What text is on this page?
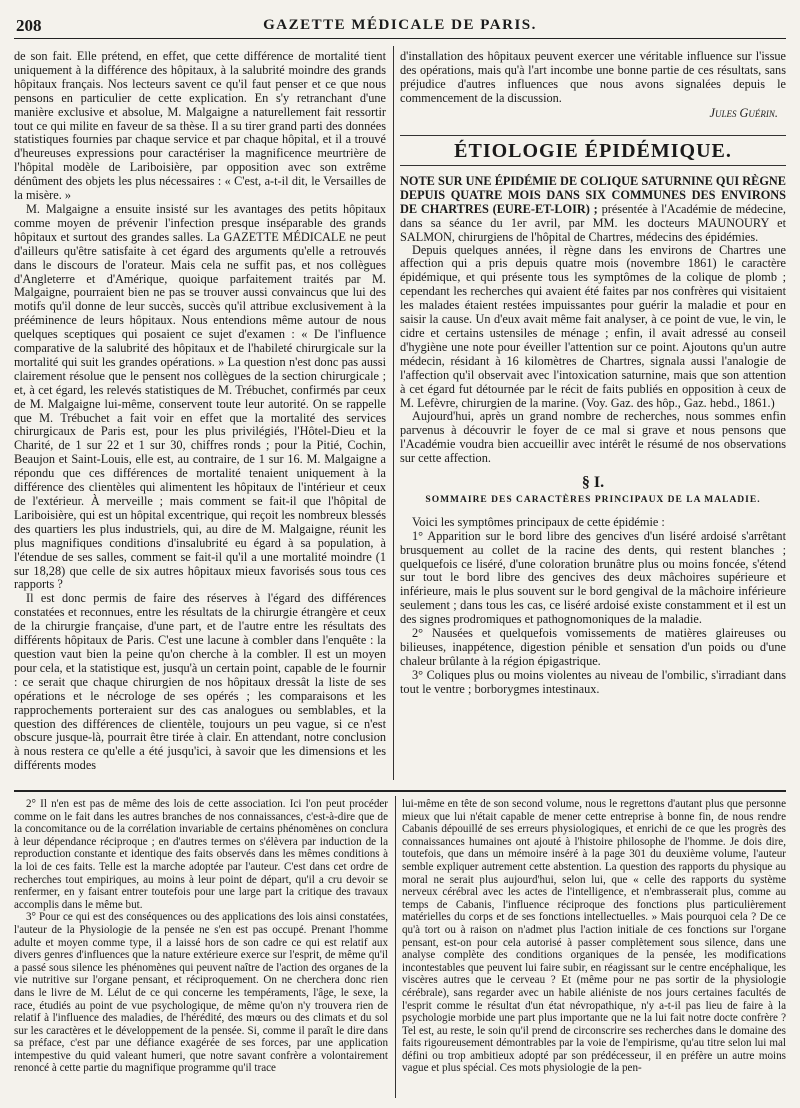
208	GAZETTE MÉDICALE DE PARIS.

de son fait. Elle prétend, en effet, que cette différence de mortalité tient uniquement à la différence des hôpitaux, à la salubrité moindre des grands hôpitaux français. Nos lecteurs savent ce qu'il faut penser et ce que nous pensons en particulier de cette explication. En s'y retranchant d'une manière exclusive et absolue, M. Malgaigne a naturellement fait ressortir tout ce qui milite en faveur de sa thèse. Il a su tirer grand parti des données statistiques fournies par chaque service et par chaque hôpital, et il a trouvé d'heureuses expressions pour caractériser la magnificence meurtrière de l'hôpital modèle de Lariboisière, par opposition avec son extrême dénûment des objets les plus nécessaires : « C'est, a-t-il dit, le Versailles de la misère. »

M. Malgaigne a ensuite insisté sur les avantages des petits hôpitaux comme moyen de prévenir l'infection presque inséparable des grands hôpitaux et surtout des grandes salles. La GAZETTE MÉDICALE ne peut d'ailleurs qu'être satisfaite à cet égard des arguments qu'elle a retrouvés dans le discours de l'orateur. Mais cela ne suffit pas, et nos collègues d'Angleterre et d'Amérique, quoique parfaitement traités par M. Malgaigne, pourraient bien ne pas se trouver aussi convaincus que lui des motifs qu'il donne de leur succès, succès qu'il attribue exclusivement à la prééminence de leurs hôpitaux. Nous entendions même autour de nous quelques sceptiques qui posaient ce sujet d'examen : « De l'influence comparative de la salubrité des hôpitaux et de l'habileté chirurgicale sur la mortalité qui suit les grandes opérations. » La question n'est donc pas aussi clairement résolue que le pensent nos collègues de la section chirurgicale ; et, à cet égard, les relevés statistiques de M. Trébuchet, confirmés par ceux de M. Malgaigne lui-même, conservent toute leur autorité. On se rappelle que M. Trébuchet a fait voir en effet que la mortalité des services chirurgicaux de Paris est, pour les plus privilégiés, l'Hôtel-Dieu et la Charité, de 1 sur 22 et 1 sur 30, chiffres ronds ; pour la Pitié, Cochin, Beaujon et Saint-Louis, elle est, au contraire, de 1 sur 16. M. Malgaigne a répondu que ces différences de mortalité tenaient uniquement à la différence des clientèles qui alimentent les hôpitaux de l'intérieur et ceux de l'extérieur. À merveille ; mais comment se fait-il que l'hôpital de Lariboisière, qui est un hôpital excentrique, qui reçoit les nombreux blessés des quartiers les plus industriels, qui, au dire de M. Malgaigne, réunit les plus magnifiques conditions d'insalubrité eu égard à sa population, à l'étendue de ses salles, comment se fait-il qu'il a une mortalité moindre (1 sur 18,28) que celle de six autres hôpitaux mieux favorisés sous tous ces rapports ?

Il est donc permis de faire des réserves à l'égard des différences constatées et reconnues, entre les résultats de la chirurgie étrangère et ceux de la chirurgie française, d'une part, et de l'autre entre les résultats des différents hôpitaux de Paris. C'est une lacune à combler dans l'enquête : la question vaut bien la peine qu'on cherche à la combler. Il est un moyen pour cela, et la statistique est, jusqu'à un certain point, capable de le fournir : ce serait que chaque chirurgien de nos hôpitaux dressât la liste de ses opérations et le nécrologe de ses opérés ; les comparaisons et les rapprochements porteraient sur des cas analogues ou semblables, et la question des différences de clientèle, toujours un peu vague, si ce n'est obscure jusque-là, pourrait être tirée à clair. En attendant, notre conclusion à nous restera ce qu'elle a été jusqu'ici, à savoir que les dimensions et les différents modes

d'installation des hôpitaux peuvent exercer une véritable influence sur l'issue des opérations, mais qu'à l'art incombe une bonne partie de ces résultats, sans préjudice d'autres influences que nous avons signalées depuis le commencement de la discussion.

Jules Guérin.
ÉTIOLOGIE ÉPIDÉMIQUE.

NOTE SUR UNE ÉPIDÉMIE DE COLIQUE SATURNINE QUI RÈGNE DEPUIS QUATRE MOIS DANS SIX COMMUNES DES ENVIRONS DE CHARTRES (EURE-ET-LOIR) ; présentée à l'Académie de médecine, dans sa séance du 1er avril, par MM. les docteurs MAUNOURY et SALMON, chirurgiens de l'hôpital de Chartres, médecins des épidémies.

Depuis quelques années, il règne dans les environs de Chartres une affection qui a pris depuis quatre mois (novembre 1861) le caractère épidémique, et qui présente tous les symptômes de la colique de plomb ; cependant les recherches qui avaient été faites par nos confrères qui visitaient les malades étaient restées impuissantes pour guérir la maladie et pour en saisir la cause. Un d'eux avait même fait analyser, à ce point de vue, le vin, le cidre et certains ustensiles de ménage ; enfin, il avait adressé au conseil d'hygiène une note pour éveiller l'attention sur ce point. Ajoutons qu'un autre médecin, résidant à 16 kilomètres de Chartres, signala aussi l'analogie de l'affection qu'il observait avec l'intoxication saturnine, mais que son attention à cet égard fut détournée par le récit de faits publiés en opposition à ceux de M. Lefèvre, chirurgien de la marine. (Voy. Gaz. des hôp., Gaz. hebd., 1861.)

Aujourd'hui, après un grand nombre de recherches, nous sommes enfin parvenus à découvrir le foyer de ce mal si grave et nous pensons que l'Académie voudra bien accueillir avec intérêt le résumé de nos observations sur cette affection.

§ I.
SOMMAIRE DES CARACTÈRES PRINCIPAUX DE LA MALADIE.

Voici les symptômes principaux de cette épidémie :

1° Apparition sur le bord libre des gencives d'un liséré ardoisé s'arrêtant brusquement au collet de la racine des dents, qui restent blanches ; quelquefois ce liséré, d'une coloration brunâtre plus ou moins foncée, s'étend sur tout le bord libre des gencives des deux mâchoires supérieure et inférieure, mais le plus souvent sur le bord gengival de la mâchoire inférieure seulement ; dans tous les cas, ce liséré ardoisé existe constamment et il est un des signes prodromiques et pathognomoniques de la maladie.

2° Nausées et quelquefois vomissements de matières glaireuses ou bilieuses, inappétence, digestion pénible et sensation d'un poids ou d'une chaleur brûlante à la région épigastrique.

3° Coliques plus ou moins violentes au niveau de l'ombilic, s'irradiant dans tout le ventre ; borborygmes intestinaux.

2° Il n'en est pas de même des lois de cette association. Ici l'on peut procéder comme on le fait dans les autres branches de nos connaissances, c'est-à-dire que de la concomitance ou de la corrélation invariable de certains phénomènes on conclura à leur dépendance réciproque ; en d'autres termes on s'élèvera par induction de la reproduction constante et identique des faits observés dans les mêmes conditions à la loi de ces faits. Telle est la marche adoptée par l'auteur. C'est dans cet ordre de recherches tout empiriques, au moins à leur point de départ, qu'il a cru devoir se renfermer, en y faisant entrer toutefois pour une large part la critique des travaux accomplis dans le même but.

3° Pour ce qui est des conséquences ou des applications des lois ainsi constatées, l'auteur de la Physiologie de la pensée ne s'en est pas occupé. Prenant l'homme adulte et moyen comme type, il a laissé hors de son cadre ce qui est relatif aux divers genres d'influences que la nature extérieure exerce sur l'esprit, de même qu'il a passé sous silence les phénomènes qui peuvent naître de l'action des organes de la vie nutritive sur l'organe pensant, et réciproquement. On ne cherchera donc rien dans le livre de M. Lélut de ce qui concerne les tempéraments, l'âge, le sexe, la race, étudiés au point de vue psychologique, de même qu'on n'y trouvera rien de relatif à l'influence des maladies, de l'hérédité, des mœurs ou des climats et du sol sur les caractères et le développement de la pensée. Si, comme il paraît le dire dans sa préface, c'est par une défiance exagérée de ses forces, par une application intempestive du quid valeant humeri, que notre savant confrère a volontairement renoncé à cette partie du magnifique programme qu'il trace

lui-même en tête de son second volume, nous le regrettons d'autant plus que personne mieux que lui n'était capable de mener cette entreprise à bonne fin, de nous rendre Cabanis dépouillé de ses erreurs physiologiques, et enrichi de ce que les progrès des connaissances humaines ont ajouté à l'histoire philosophe de l'homme. Je dois dire, toutefois, que dans un mémoire inséré à la page 301 du deuxième volume, l'auteur semble expliquer autrement cette abstention. La question des rapports du physique au moral ne serait plus aujourd'hui, selon lui, que « celle des rapports du système nerveux cérébral avec les actes de l'intelligence, et n'embrasserait plus, comme au temps de Cabanis, l'influence réciproque des fonctions plus particulièrement matérielles du corps et de ses fonctions intellectuelles. » Mais pourquoi cela ? De ce qu'à tort ou à raison on n'admet plus l'action initiale de ces fonctions sur l'organe pensant, est-on pour cela autorisé à passer complètement sous silence, dans une analyse complète des conditions organiques de la pensée, les modifications incontestables que peuvent lui faire subir, en réagissant sur le centre encéphalique, les viscères autres que le cerveau ? Et (même pour ne pas sortir de la physiologie cérébrale), sans regarder avec un habile aliéniste de nos jours certaines facultés de l'esprit comme le résultat d'un état névropathique, n'y a-t-il pas lieu de faire à la psychologie morbide une part plus importante que ne la lui fait notre docte confrère ? Tel est, au reste, le soin qu'il prend de circonscrire ses recherches dans le domaine des faits rigoureusement démontrables par la voie de l'empirisme, qu'au titre selon lui mal défini ou trop ambitieux adopté par son prédécesseur, il en préfère un autre moins vague et plus spécial. Ces mots physiologie de la pen-
